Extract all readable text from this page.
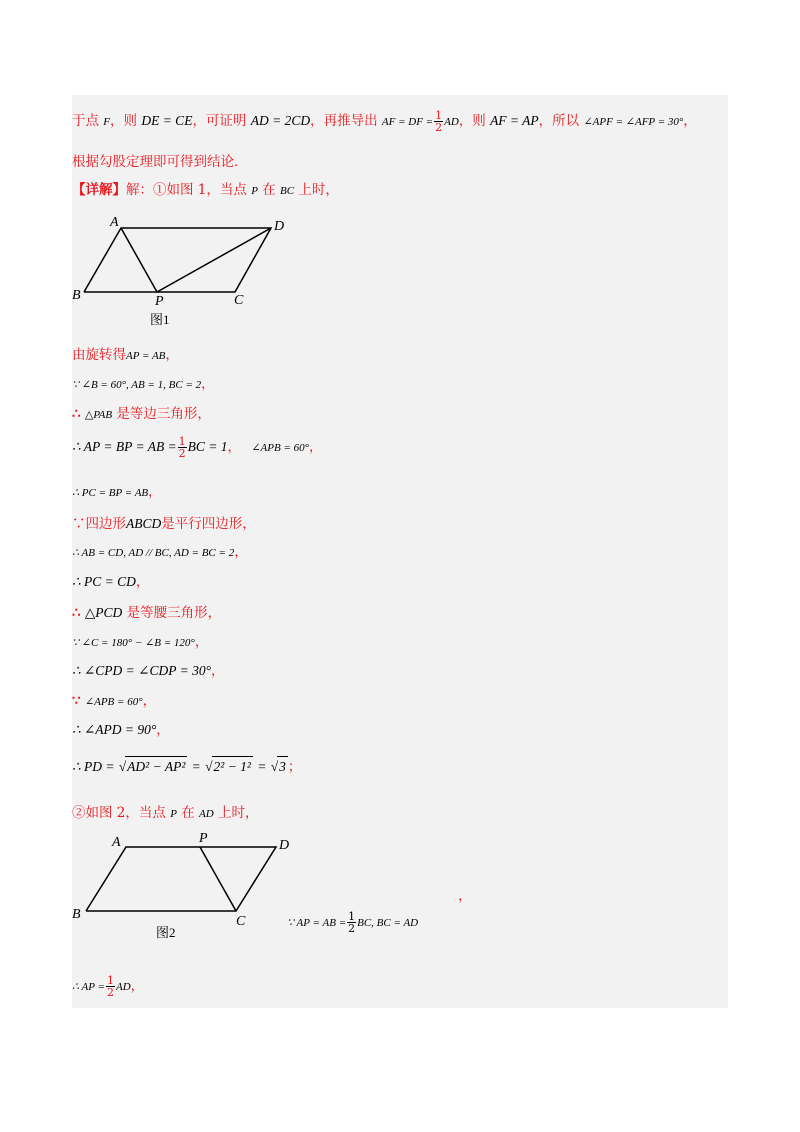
于点 F，则 DE = CE，可证明 AD = 2CD，再推导出 AF = DF = $\frac{1}{2}$ AD，则 AF = AP，所以 ∠APF = ∠AFP = 30°，
根据勾股定理即可得到结论．
【详解】解：①如图 1，当点 P 在 BC 上时，
A	D
B	P	C
图1
由旋转得AP = AB，
∵ ∠B = 60°, AB = 1, BC = 2，
∴ △PAB 是等边三角形，
∴ AP = BP = AB = $\frac{1}{2}$ BC = 1， ∠APB = 60°，
∴ PC = BP = AB，
∵四边形ABCD是平行四边形，
∴ AB = CD, AD // BC, AD = BC = 2，
∴ PC = CD，
∴ △PCD 是等腰三角形，
∵ ∠C = 180° − ∠B = 120°，
∴ ∠CPD = ∠CDP = 30°，
∵ ∠APB = 60°，
∴ ∠APD = 90°，
∴ PD = √AD² − AP² = √2² − 1² = √3 ；
②如图 2，当点 P 在 AD 上时，
A	P	D
B	C
图2
，
∵ AP = AB = $\frac{1}{2}$ BC, BC = AD
∴ AP = $\frac{1}{2}$ AD，
